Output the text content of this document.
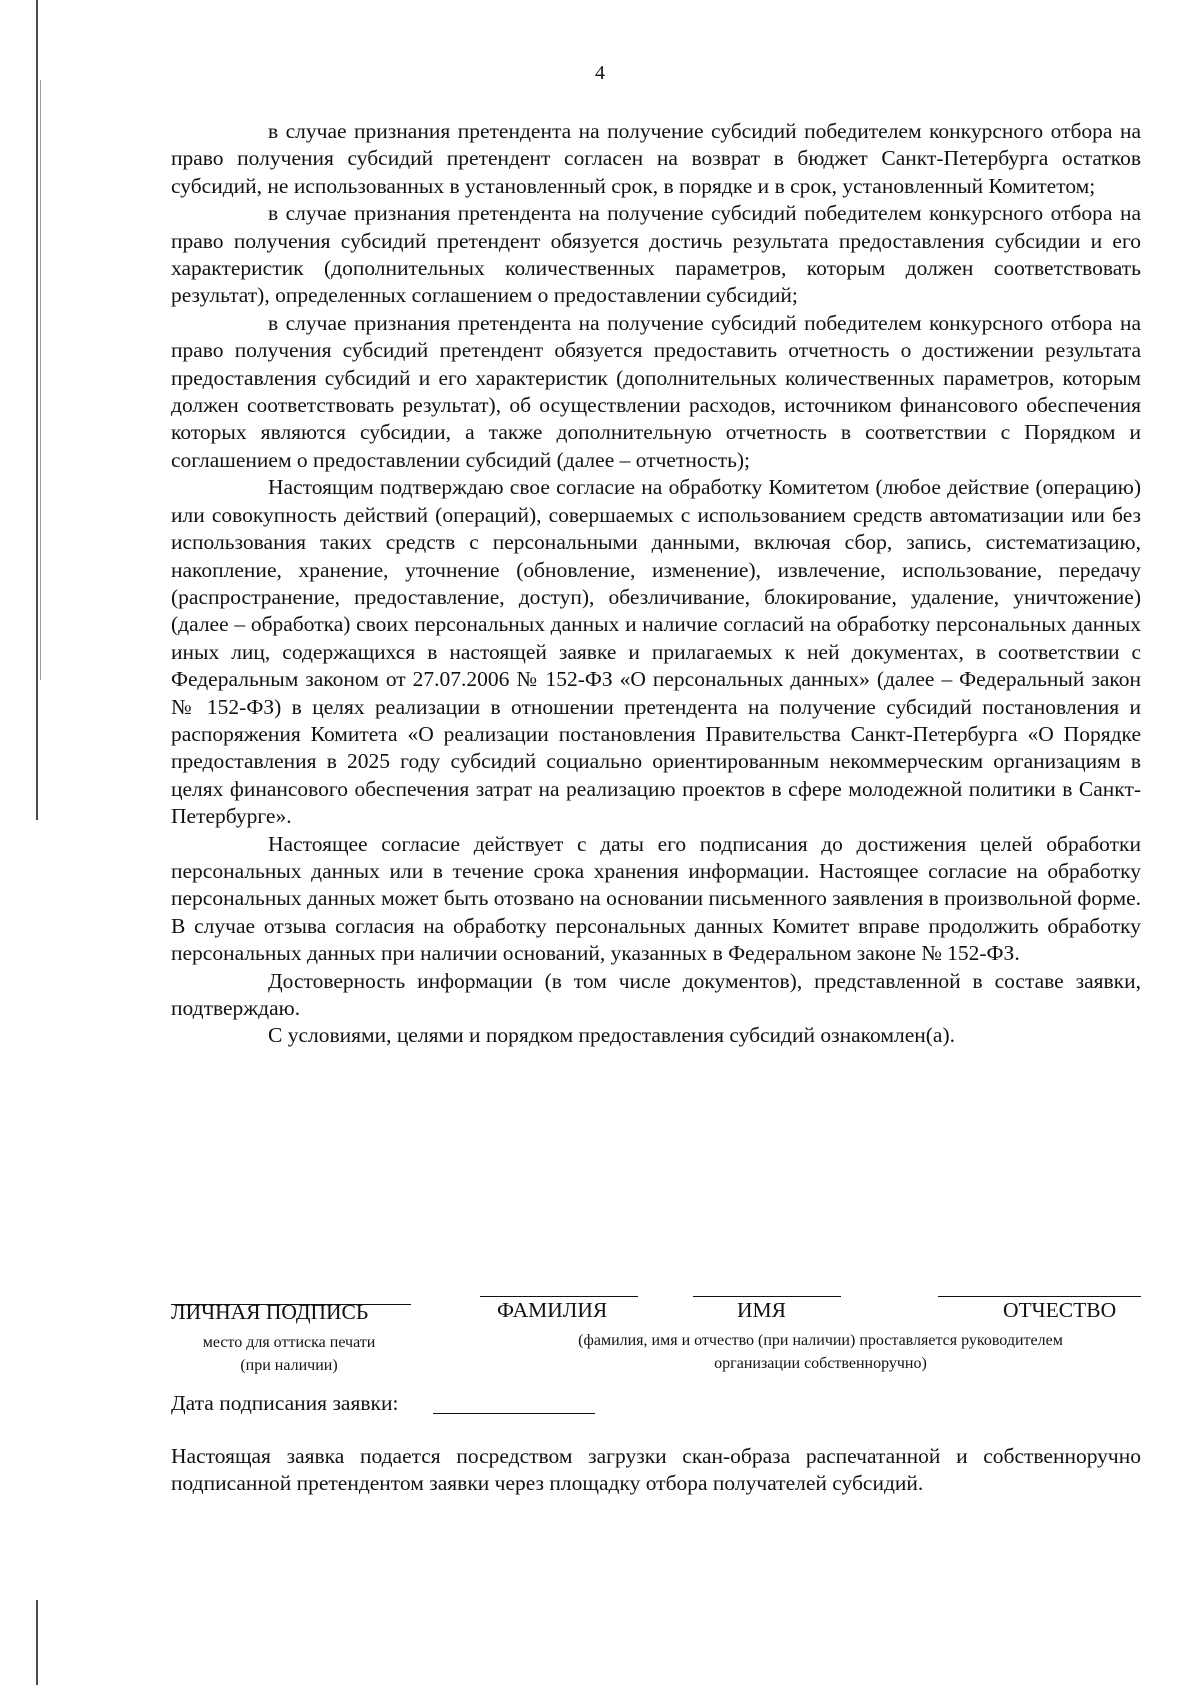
4

в случае признания претендента на получение субсидий победителем конкурсного отбора на право получения субсидий претендент согласен на возврат в бюджет Санкт-Петербурга остатков субсидий, не использованных в установленный срок, в порядке и в срок, установленный Комитетом;

в случае признания претендента на получение субсидий победителем конкурсного отбора на право получения субсидий претендент обязуется достичь результата предоставления субсидии и его характеристик (дополнительных количественных параметров, которым должен соответствовать результат), определенных соглашением о предоставлении субсидий;

в случае признания претендента на получение субсидий победителем конкурсного отбора на право получения субсидий претендент обязуется предоставить отчетность о достижении результата предоставления субсидий и его характеристик (дополнительных количественных параметров, которым должен соответствовать результат), об осуществлении расходов, источником финансового обеспечения которых являются субсидии, а также дополнительную отчетность в соответствии с Порядком и соглашением о предоставлении субсидий (далее – отчетность);

Настоящим подтверждаю свое согласие на обработку Комитетом (любое действие (операцию) или совокупность действий (операций), совершаемых с использованием средств автоматизации или без использования таких средств с персональными данными, включая сбор, запись, систематизацию, накопление, хранение, уточнение (обновление, изменение), извлечение, использование, передачу (распространение, предоставление, доступ), обезличивание, блокирование, удаление, уничтожение) (далее – обработка) своих персональных данных и наличие согласий на обработку персональных данных иных лиц, содержащихся в настоящей заявке и прилагаемых к ней документах, в соответствии с Федеральным законом от 27.07.2006 № 152-ФЗ «О персональных данных» (далее – Федеральный закон № 152-ФЗ) в целях реализации в отношении претендента на получение субсидий постановления и распоряжения Комитета «О реализации постановления Правительства Санкт-Петербурга «О Порядке предоставления в 2025 году субсидий социально ориентированным некоммерческим организациям в целях финансового обеспечения затрат на реализацию проектов в сфере молодежной политики в Санкт-Петербурге».

Настоящее согласие действует с даты его подписания до достижения целей обработки персональных данных или в течение срока хранения информации. Настоящее согласие на обработку персональных данных может быть отозвано на основании письменного заявления в произвольной форме. В случае отзыва согласия на обработку персональных данных Комитет вправе продолжить обработку персональных данных при наличии оснований, указанных в Федеральном законе № 152-ФЗ.

Достоверность информации (в том числе документов), представленной в составе заявки, подтверждаю.

С условиями, целями и порядком предоставления субсидий ознакомлен(а).

ЛИЧНАЯ ПОДПИСЬ	ФАМИЛИЯ	ИМЯ	ОТЧЕСТВО
место для оттиска печати
(при наличии)
(фамилия, имя и отчество (при наличии) проставляется руководителем
организации собственноручно)
Дата подписания заявки:

Настоящая заявка подается посредством загрузки скан-образа распечатанной и собственноручно подписанной претендентом заявки через площадку отбора получателей субсидий.
